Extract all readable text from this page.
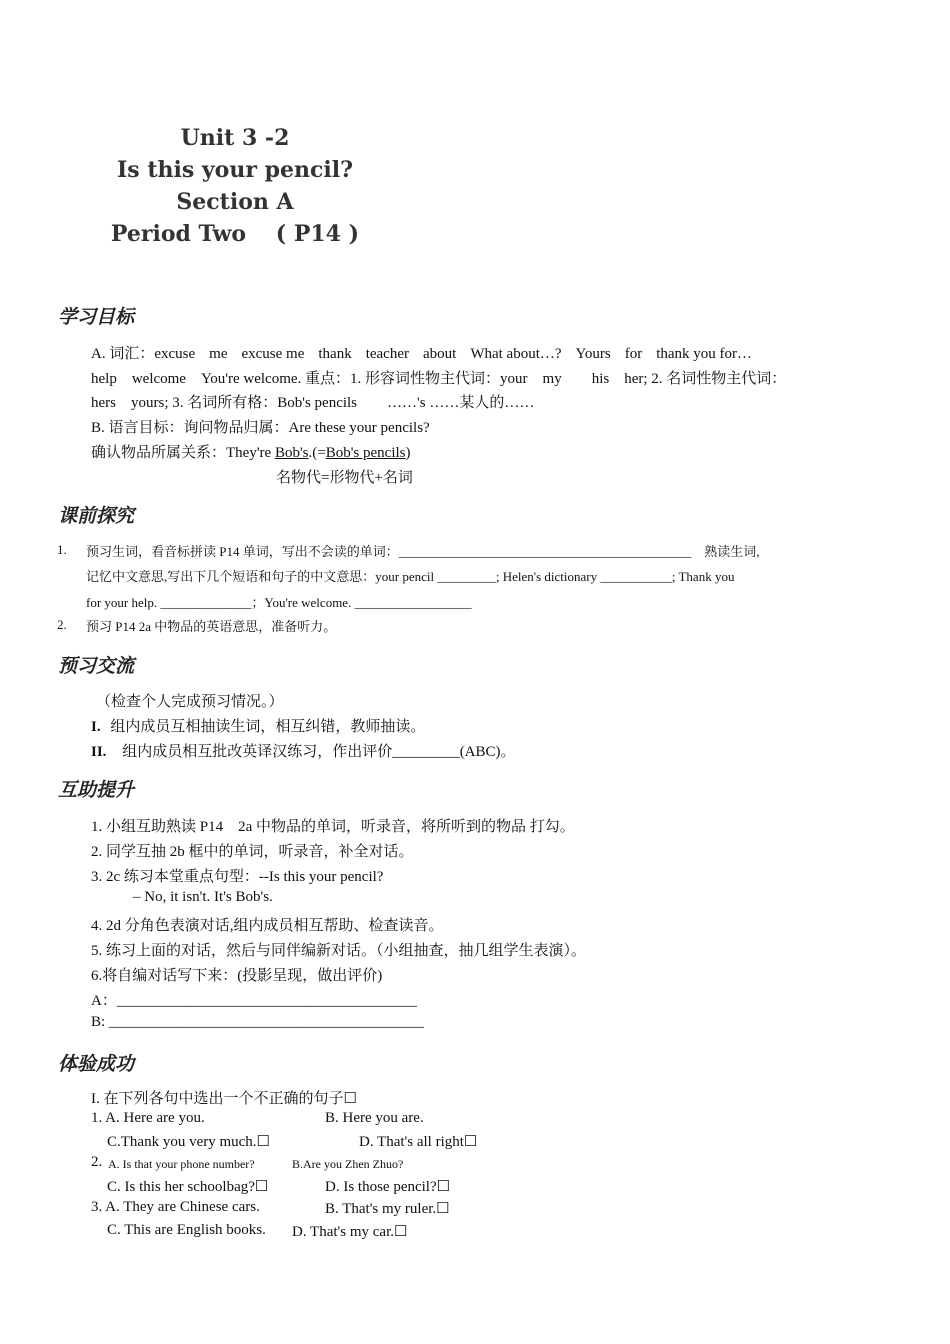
Unit 3 -2
Is this your pencil?
Section A
Period Two　 ( P14 )
学习目标
A. 词汇：excuse me excuse me thank teacher about What about…? Yours for thank you for…
help　welcome　You're welcome. 重点：1. 形容词性物主代词：your　my　　his　her; 2. 名词性物主代词：
hers　yours; 3. 名词所有格：Bob's pencils　　……'s ……某人的……
B. 语言目标：询问物品归属：Are these your pencils?
确认物品所属关系：They're Bob's.(=Bob's pencils)
名物代=形物代+名词
课前探究
1. 预习生词，看音标拼读 P14 单词，写出不会读的单词：_____________________________________________　熟读生词,
记忆中文意思,写出下几个短语和句子的中文意思：your pencil _________; Helen's dictionary ___________; Thank you
for your help. ______________；You're welcome. __________________
2. 预习 P14 2a 中物品的英语意思，准备听力。
预习交流
（检查个人完成预习情况。）
I. 组内成员互相抽读生词，相互纠错，教师抽读。
II. 组内成员相互批改英译汉练习，作出评价_________(ABC)。
互助提升
1. 小组互助熟读 P14　2a 中物品的单词，听录音，将所听到的物品 打勾。
2. 同学互抽 2b 框中的单词，听录音，补全对话。
3. 2c 练习本堂重点句型：--Is this your pencil?
– No, it isn't. It's Bob's.
4. 2d 分角色表演对话,组内成员相互帮助、检查读音。
5. 练习上面的对话，然后与同伴编新对话。（小组抽查，抽几组学生表演）。
6.将自编对话写下来：(投影呈现，做出评价)
A：________________________________________
B: __________________________________________
体验成功
I. 在下列各句中选出一个不正确的句子☐
1. A. Here are you.	B. Here you are.
C.Thank you very much.☐	D. That's all right☐
2. A. Is that your phone number?	B.Are you Zhen Zhuo?
C. Is this her schoolbag?☐	D. Is those pencil?☐
3. A. They are Chinese cars.	B. That's my ruler.☐
C. This are English books. D. That's my car.☐
